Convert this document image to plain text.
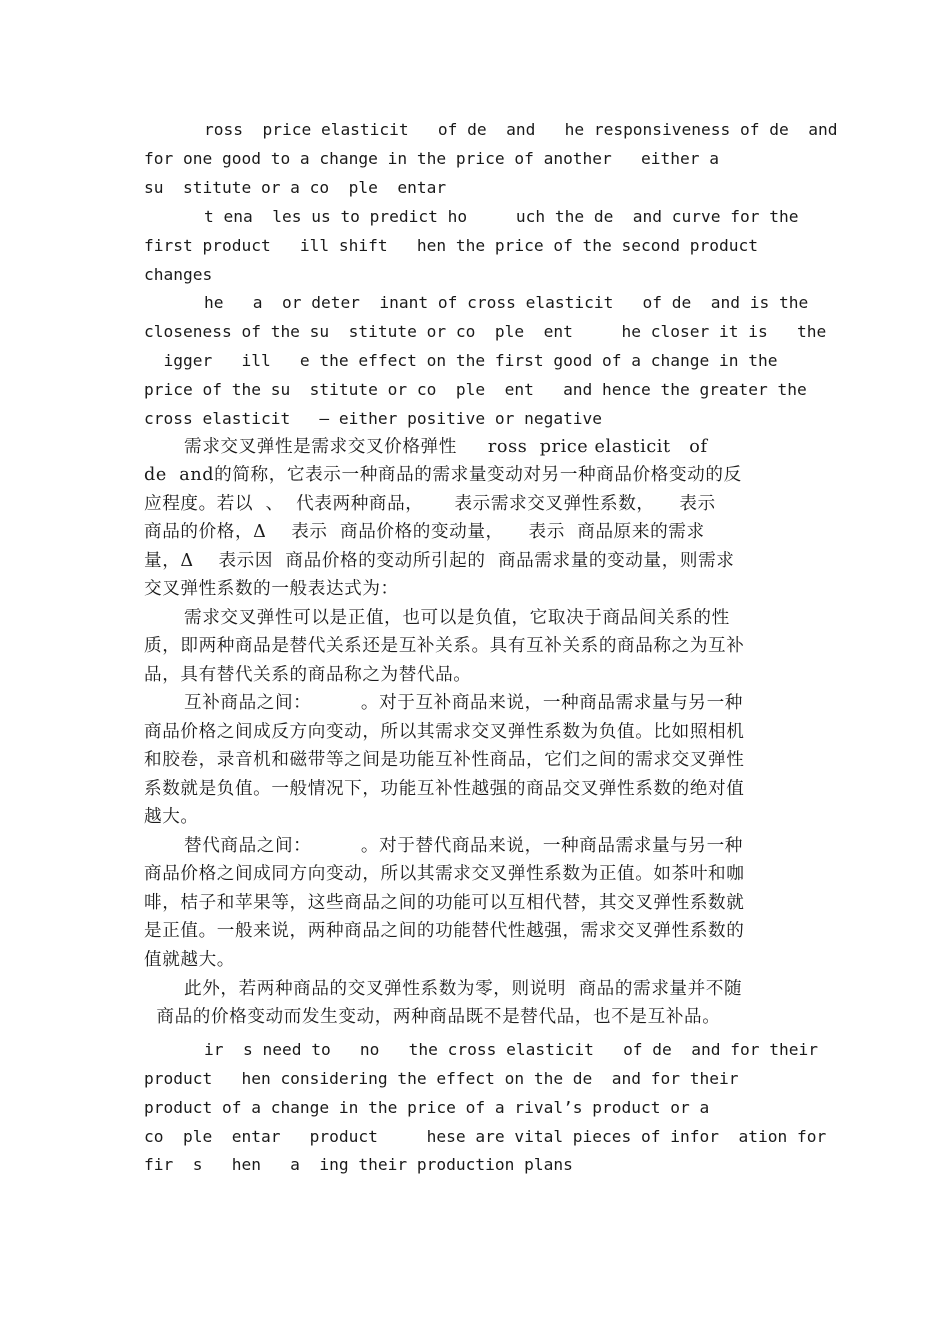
ross  price elasticit   of de  and   he responsiveness of de  and
for one good to a change in the price of another   either a
su  stitute or a co  ple  entar
t ena  les us to predict ho     uch the de  and curve for the
first product   ill shift   hen the price of the second product
changes
he   a  or deter  inant of cross elasticit   of de  and is the
closeness of the su  stitute or co  ple  ent     he closer it is   the
igger   ill   e the effect on the first good of a change in the
price of the su  stitute or co  ple  ent   and hence the greater the
cross elasticit   – either positive or negative
需求交叉弹性是需求交叉价格弹性     ross  price elasticit   of
de  and的简称，它表示一种商品的需求量变动对另一种商品价格变动的反
应程度。若以  、  代表两种商品，     表示需求交叉弹性系数，    表示
商品的价格，Δ    表示  商品价格的变动量，    表示  商品原来的需求
量，Δ    表示因  商品价格的变动所引起的  商品需求量的变动量，则需求
交叉弹性系数的一般表达式为：
需求交叉弹性可以是正值，也可以是负值，它取决于商品间关系的性
质，即两种商品是替代关系还是互补关系。具有互补关系的商品称之为互补
品，具有替代关系的商品称之为替代品。
互补商品之间：        。对于互补商品来说，一种商品需求量与另一种
商品价格之间成反方向变动，所以其需求交叉弹性系数为负值。比如照相机
和胶卷，录音机和磁带等之间是功能互补性商品，它们之间的需求交叉弹性
系数就是负值。一般情况下，功能互补性越强的商品交叉弹性系数的绝对值
越大。
替代商品之间：        。对于替代商品来说，一种商品需求量与另一种
商品价格之间成同方向变动，所以其需求交叉弹性系数为正值。如茶叶和咖
啡，桔子和苹果等，这些商品之间的功能可以互相代替，其交叉弹性系数就
是正值。一般来说，两种商品之间的功能替代性越强，需求交叉弹性系数的
值就越大。
此外，若两种商品的交叉弹性系数为零，则说明  商品的需求量并不随
商品的价格变动而发生变动，两种商品既不是替代品，也不是互补品。
ir  s need to   no   the cross elasticit   of de  and for their
product   hen considering the effect on the de  and for their
product of a change in the price of a rival’s product or a
co  ple  entar   product     hese are vital pieces of infor  ation for
fir  s   hen   a  ing their production plans
